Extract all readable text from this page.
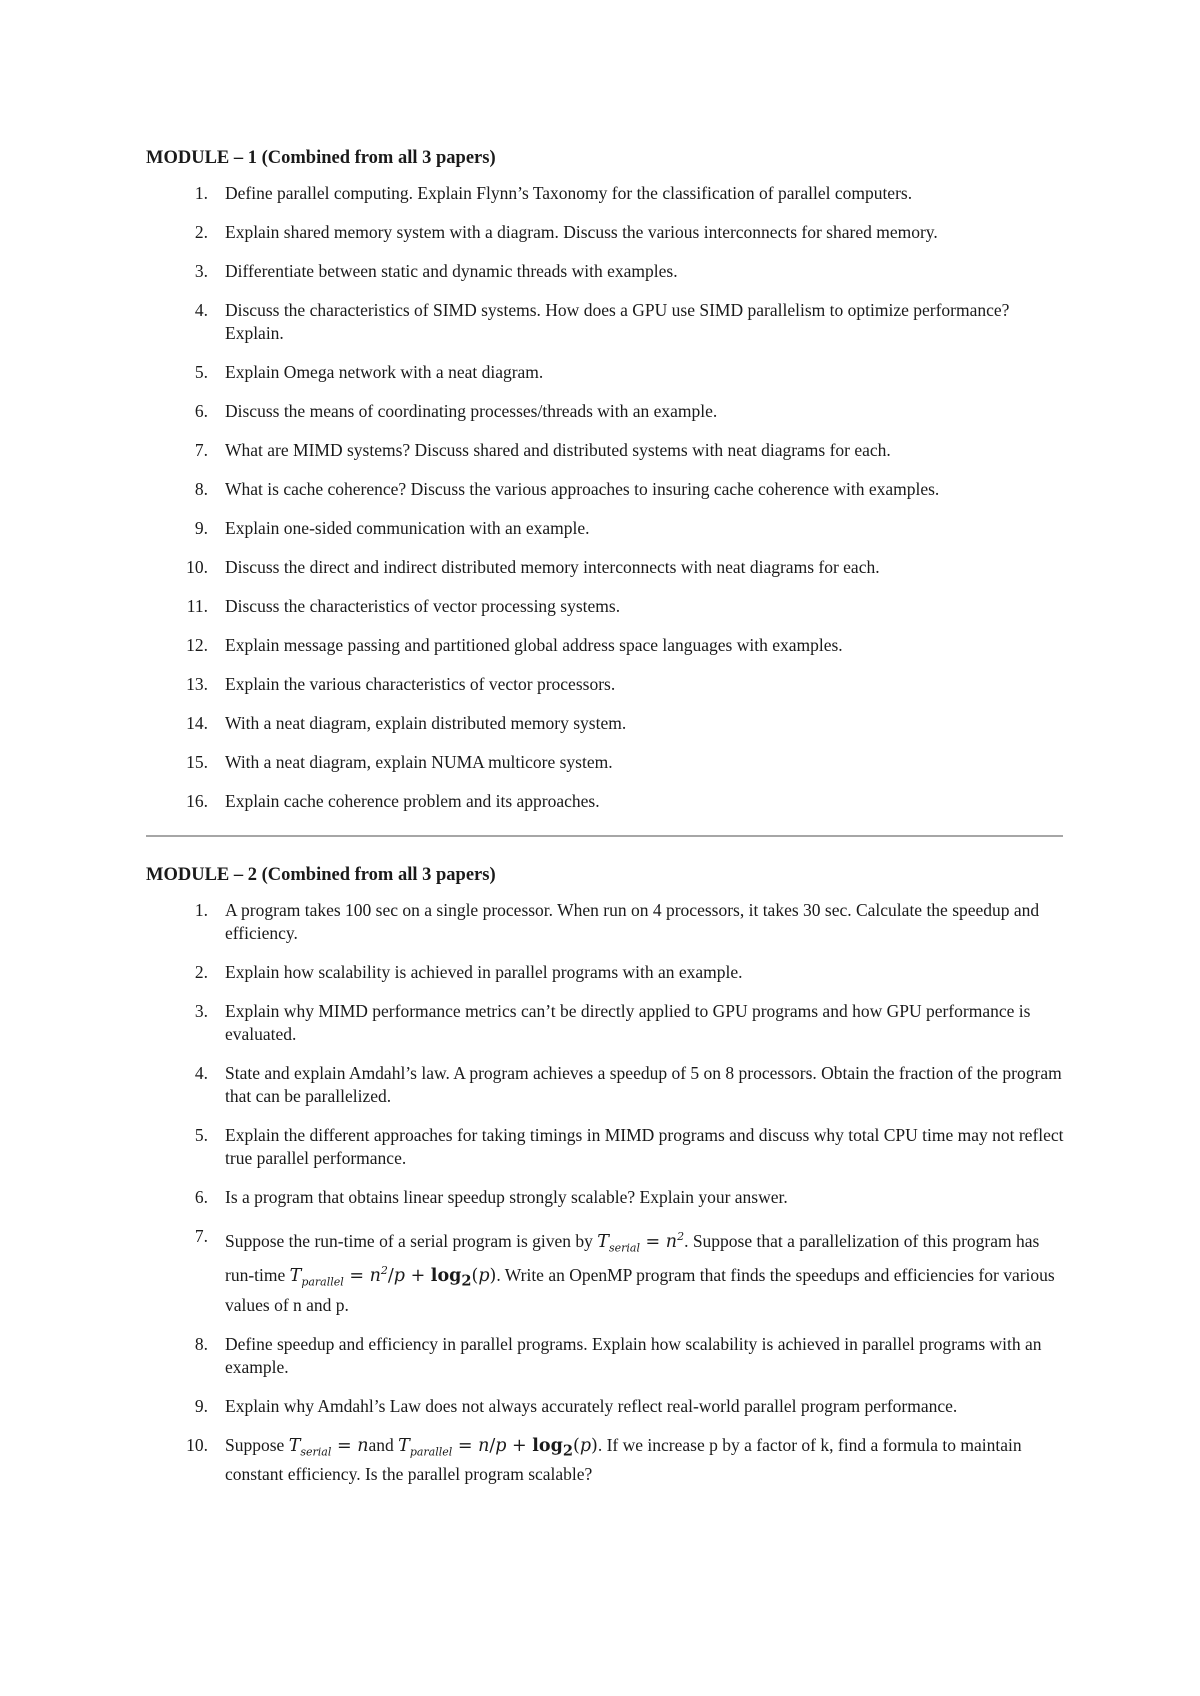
MODULE – 1 (Combined from all 3 papers)

1. Define parallel computing. Explain Flynn’s Taxonomy for the classification of parallel computers.
2. Explain shared memory system with a diagram. Discuss the various interconnects for shared memory.
3. Differentiate between static and dynamic threads with examples.
4. Discuss the characteristics of SIMD systems. How does a GPU use SIMD parallelism to optimize performance? Explain.
5. Explain Omega network with a neat diagram.
6. Discuss the means of coordinating processes/threads with an example.
7. What are MIMD systems? Discuss shared and distributed systems with neat diagrams for each.
8. What is cache coherence? Discuss the various approaches to insuring cache coherence with examples.
9. Explain one-sided communication with an example.
10. Discuss the direct and indirect distributed memory interconnects with neat diagrams for each.
11. Discuss the characteristics of vector processing systems.
12. Explain message passing and partitioned global address space languages with examples.
13. Explain the various characteristics of vector processors.
14. With a neat diagram, explain distributed memory system.
15. With a neat diagram, explain NUMA multicore system.
16. Explain cache coherence problem and its approaches.

MODULE – 2 (Combined from all 3 papers)

1. A program takes 100 sec on a single processor. When run on 4 processors, it takes 30 sec. Calculate the speedup and efficiency.
2. Explain how scalability is achieved in parallel programs with an example.
3. Explain why MIMD performance metrics can’t be directly applied to GPU programs and how GPU performance is evaluated.
4. State and explain Amdahl’s law. A program achieves a speedup of 5 on 8 processors. Obtain the fraction of the program that can be parallelized.
5. Explain the different approaches for taking timings in MIMD programs and discuss why total CPU time may not reflect true parallel performance.
6. Is a program that obtains linear speedup strongly scalable? Explain your answer.
7. Suppose the run-time of a serial program is given by $T_{serial} = n^2$. Suppose that a parallelization of this program has run-time $T_{parallel} = n^2/p + \log_2(p)$. Write an OpenMP program that finds the speedups and efficiencies for various values of n and p.
8. Define speedup and efficiency in parallel programs. Explain how scalability is achieved in parallel programs with an example.
9. Explain why Amdahl’s Law does not always accurately reflect real-world parallel program performance.
10. Suppose $T_{serial}$ = nand $T_{parallel} = n/p + \log_2(p)$. If we increase p by a factor of k, find a formula to maintain constant efficiency. Is the parallel program scalable?
